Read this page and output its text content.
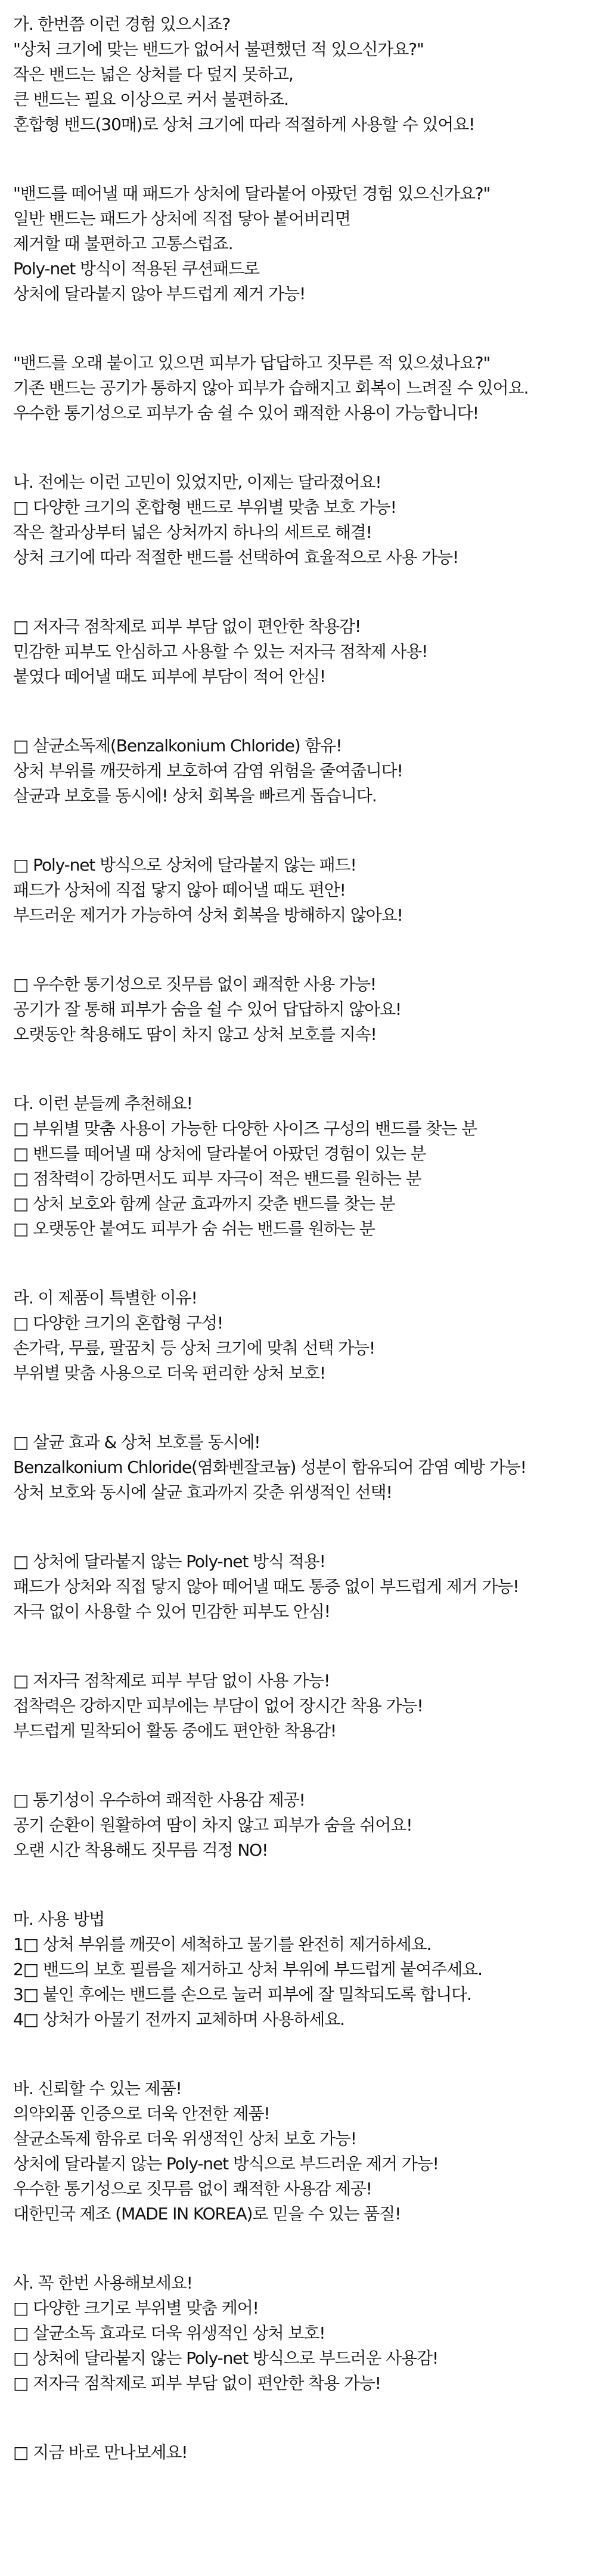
가. 한번쯤 이런 경험 있으시죠?

"상처 크기에 맞는 밴드가 없어서 불편했던 적 있으신가요?"

작은 밴드는 넓은 상처를 다 덮지 못하고,

큰 밴드는 필요 이상으로 커서 불편하죠.

혼합형 밴드(30매)로 상처 크기에 따라 적절하게 사용할 수 있어요!

"밴드를 떼어낼 때 패드가 상처에 달라붙어 아팠던 경험 있으신가요?"

일반 밴드는 패드가 상처에 직접 닿아 붙어버리면

제거할 때 불편하고 고통스럽죠.

Poly-net 방식이 적용된 쿠션패드로

상처에 달라붙지 않아 부드럽게 제거 가능!

"밴드를 오래 붙이고 있으면 피부가 답답하고 짓무른 적 있으셨나요?"

기존 밴드는 공기가 통하지 않아 피부가 습해지고 회복이 느려질 수 있어요.

우수한 통기성으로 피부가 숨 쉴 수 있어 쾌적한 사용이 가능합니다!

나. 전에는 이런 고민이 있었지만, 이제는 달라졌어요!

□ 다양한 크기의 혼합형 밴드로 부위별 맞춤 보호 가능!

작은 찰과상부터 넓은 상처까지 하나의 세트로 해결!

상처 크기에 따라 적절한 밴드를 선택하여 효율적으로 사용 가능!

□ 저자극 점착제로 피부 부담 없이 편안한 착용감!

민감한 피부도 안심하고 사용할 수 있는 저자극 점착제 사용!

붙였다 떼어낼 때도 피부에 부담이 적어 안심!

□ 살균소독제(Benzalkonium Chloride) 함유!

상처 부위를 깨끗하게 보호하여 감염 위험을 줄여줍니다!

살균과 보호를 동시에! 상처 회복을 빠르게 돕습니다.

□ Poly-net 방식으로 상처에 달라붙지 않는 패드!

패드가 상처에 직접 닿지 않아 떼어낼 때도 편안!

부드러운 제거가 가능하여 상처 회복을 방해하지 않아요!

□ 우수한 통기성으로 짓무름 없이 쾌적한 사용 가능!

공기가 잘 통해 피부가 숨을 쉴 수 있어 답답하지 않아요!

오랫동안 착용해도 땀이 차지 않고 상처 보호를 지속!

다. 이런 분들께 추천해요!

□ 부위별 맞춤 사용이 가능한 다양한 사이즈 구성의 밴드를 찾는 분

□ 밴드를 떼어낼 때 상처에 달라붙어 아팠던 경험이 있는 분

□ 점착력이 강하면서도 피부 자극이 적은 밴드를 원하는 분

□ 상처 보호와 함께 살균 효과까지 갖춘 밴드를 찾는 분

□ 오랫동안 붙여도 피부가 숨 쉬는 밴드를 원하는 분

라. 이 제품이 특별한 이유!

□ 다양한 크기의 혼합형 구성!

손가락, 무릎, 팔꿈치 등 상처 크기에 맞춰 선택 가능!

부위별 맞춤 사용으로 더욱 편리한 상처 보호!

□ 살균 효과 & 상처 보호를 동시에!

Benzalkonium Chloride(염화벤잘코늄) 성분이 함유되어 감염 예방 가능!

상처 보호와 동시에 살균 효과까지 갖춘 위생적인 선택!

□ 상처에 달라붙지 않는 Poly-net 방식 적용!

패드가 상처와 직접 닿지 않아 떼어낼 때도 통증 없이 부드럽게 제거 가능!

자극 없이 사용할 수 있어 민감한 피부도 안심!

□ 저자극 점착제로 피부 부담 없이 사용 가능!

접착력은 강하지만 피부에는 부담이 없어 장시간 착용 가능!

부드럽게 밀착되어 활동 중에도 편안한 착용감!

□ 통기성이 우수하여 쾌적한 사용감 제공!

공기 순환이 원활하여 땀이 차지 않고 피부가 숨을 쉬어요!

오랜 시간 착용해도 짓무름 걱정 NO!

마. 사용 방법

1□ 상처 부위를 깨끗이 세척하고 물기를 완전히 제거하세요.

2□ 밴드의 보호 필름을 제거하고 상처 부위에 부드럽게 붙여주세요.

3□ 붙인 후에는 밴드를 손으로 눌러 피부에 잘 밀착되도록 합니다.

4□ 상처가 아물기 전까지 교체하며 사용하세요.

바. 신뢰할 수 있는 제품!

의약외품 인증으로 더욱 안전한 제품!

살균소독제 함유로 더욱 위생적인 상처 보호 가능!

상처에 달라붙지 않는 Poly-net 방식으로 부드러운 제거 가능!

우수한 통기성으로 짓무름 없이 쾌적한 사용감 제공!

대한민국 제조 (MADE IN KOREA)로 믿을 수 있는 품질!

사. 꼭 한번 사용해보세요!

□ 다양한 크기로 부위별 맞춤 케어!

□ 살균소독 효과로 더욱 위생적인 상처 보호!

□ 상처에 달라붙지 않는 Poly-net 방식으로 부드러운 사용감!

□ 저자극 점착제로 피부 부담 없이 편안한 착용 가능!

□ 지금 바로 만나보세요!
